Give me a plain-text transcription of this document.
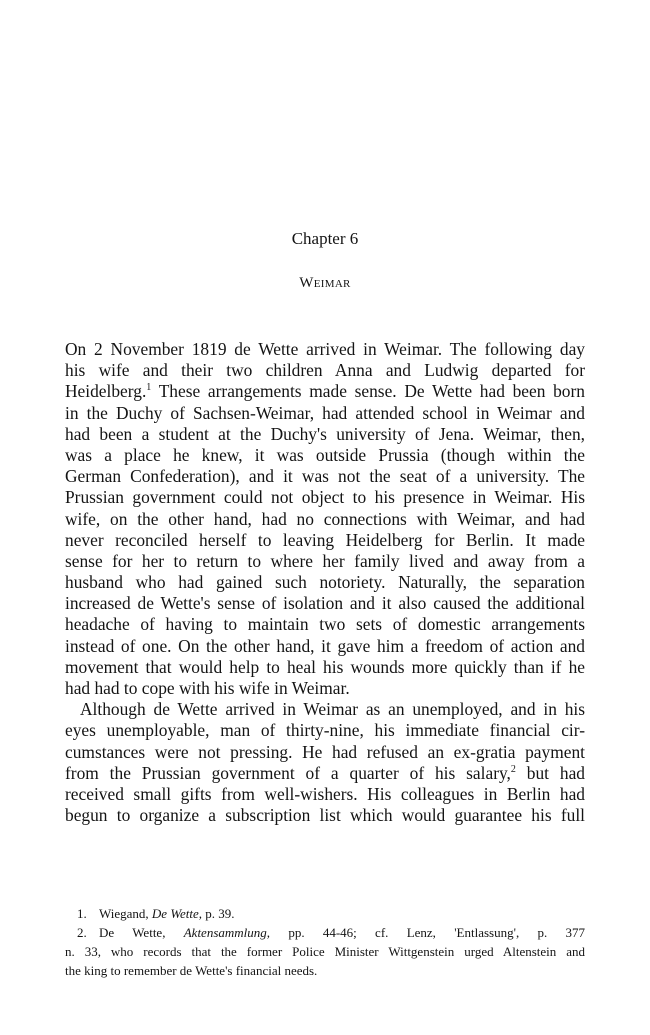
Chapter 6
Weimar
On 2 November 1819 de Wette arrived in Weimar. The following day
his wife and their two children Anna and Ludwig departed for
Heidelberg.$^1$ These arrangements made sense. De Wette had been born
in the Duchy of Sachsen-Weimar, had attended school in Weimar and
had been a student at the Duchy's university of Jena. Weimar, then,
was a place he knew, it was outside Prussia (though within the
German Confederation), and it was not the seat of a university. The
Prussian government could not object to his presence in Weimar. His
wife, on the other hand, had no connections with Weimar, and had
never reconciled herself to leaving Heidelberg for Berlin. It made
sense for her to return to where her family lived and away from a
husband who had gained such notoriety. Naturally, the separation
increased de Wette's sense of isolation and it also caused the additional
headache of having to maintain two sets of domestic arrangements
instead of one. On the other hand, it gave him a freedom of action and
movement that would help to heal his wounds more quickly than if he
had had to cope with his wife in Weimar.
Although de Wette arrived in Weimar as an unemployed, and in his
eyes unemployable, man of thirty-nine, his immediate financial cir-
cumstances were not pressing. He had refused an ex-gratia payment
from the Prussian government of a quarter of his salary,$^2$ but had
received small gifts from well-wishers. His colleagues in Berlin had
begun to organize a subscription list which would guarantee his full
1. Wiegand, De Wette, p. 39.
2. De Wette, Aktensammlung, pp. 44-46; cf. Lenz, 'Entlassung', p. 377
n. 33, who records that the former Police Minister Wittgenstein urged Altenstein and
the king to remember de Wette's financial needs.
